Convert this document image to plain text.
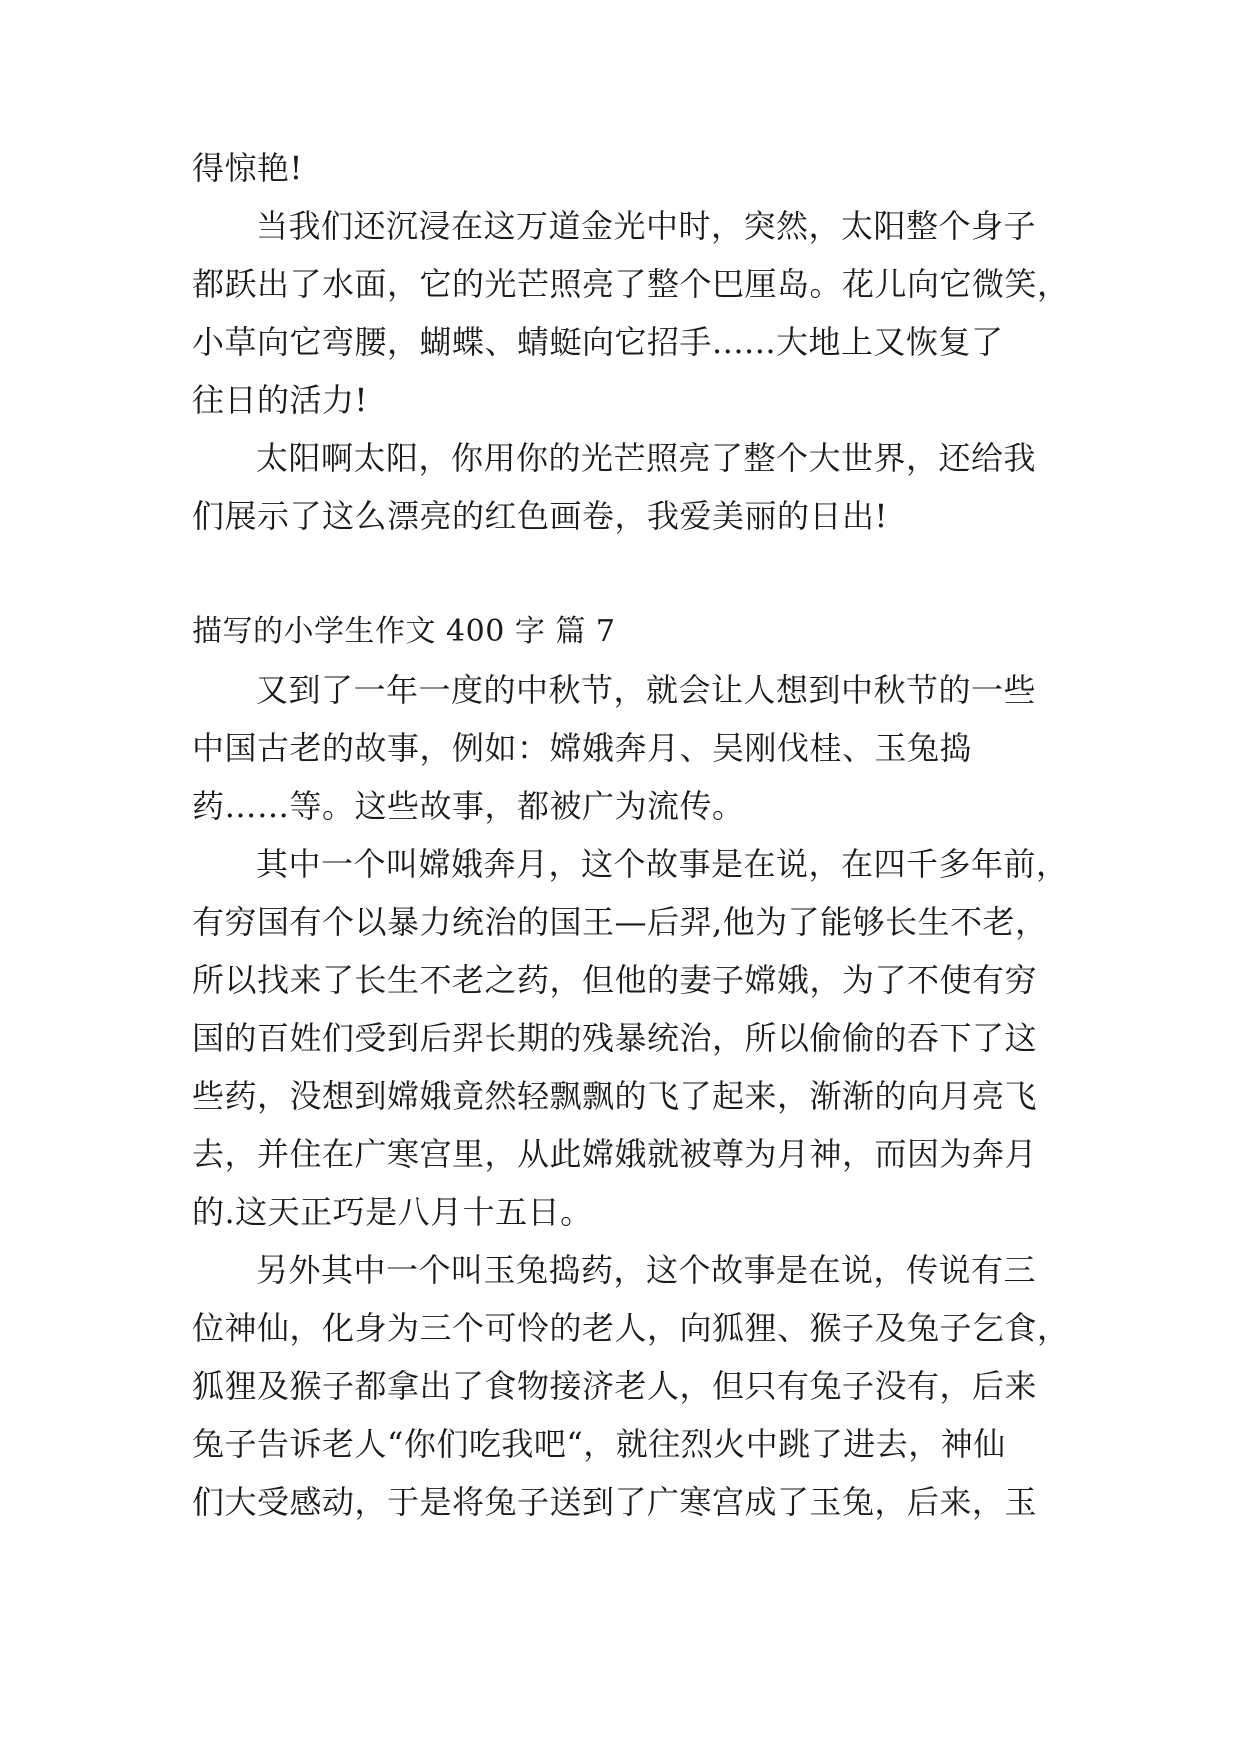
得惊艳!
当我们还沉浸在这万道金光中时，突然，太阳整个身子
都跃出了水面，它的光芒照亮了整个巴厘岛。花儿向它微笑，
小草向它弯腰，蝴蝶、蜻蜓向它招手......大地上又恢复了
往日的活力!
太阳啊太阳，你用你的光芒照亮了整个大世界，还给我
们展示了这么漂亮的红色画卷，我爱美丽的日出!
描写的小学生作文 400 字 篇 7
又到了一年一度的中秋节，就会让人想到中秋节的一些
中国古老的故事，例如：嫦娥奔月、吴刚伐桂、玉兔捣
药……等。这些故事，都被广为流传。
其中一个叫嫦娥奔月，这个故事是在说，在四千多年前，
有穷国有个以暴力统治的国王—后羿,他为了能够长生不老，
所以找来了长生不老之药，但他的妻子嫦娥，为了不使有穷
国的百姓们受到后羿长期的残暴统治，所以偷偷的吞下了这
些药，没想到嫦娥竟然轻飘飘的飞了起来，渐渐的向月亮飞
去，并住在广寒宫里，从此嫦娥就被尊为月神，而因为奔月
的.这天正巧是八月十五日。
另外其中一个叫玉兔捣药，这个故事是在说，传说有三
位神仙，化身为三个可怜的老人，向狐狸、猴子及兔子乞食，
狐狸及猴子都拿出了食物接济老人，但只有兔子没有，后来
兔子告诉老人“你们吃我吧“，就往烈火中跳了进去，神仙
们大受感动，于是将兔子送到了广寒宫成了玉兔，后来，玉
